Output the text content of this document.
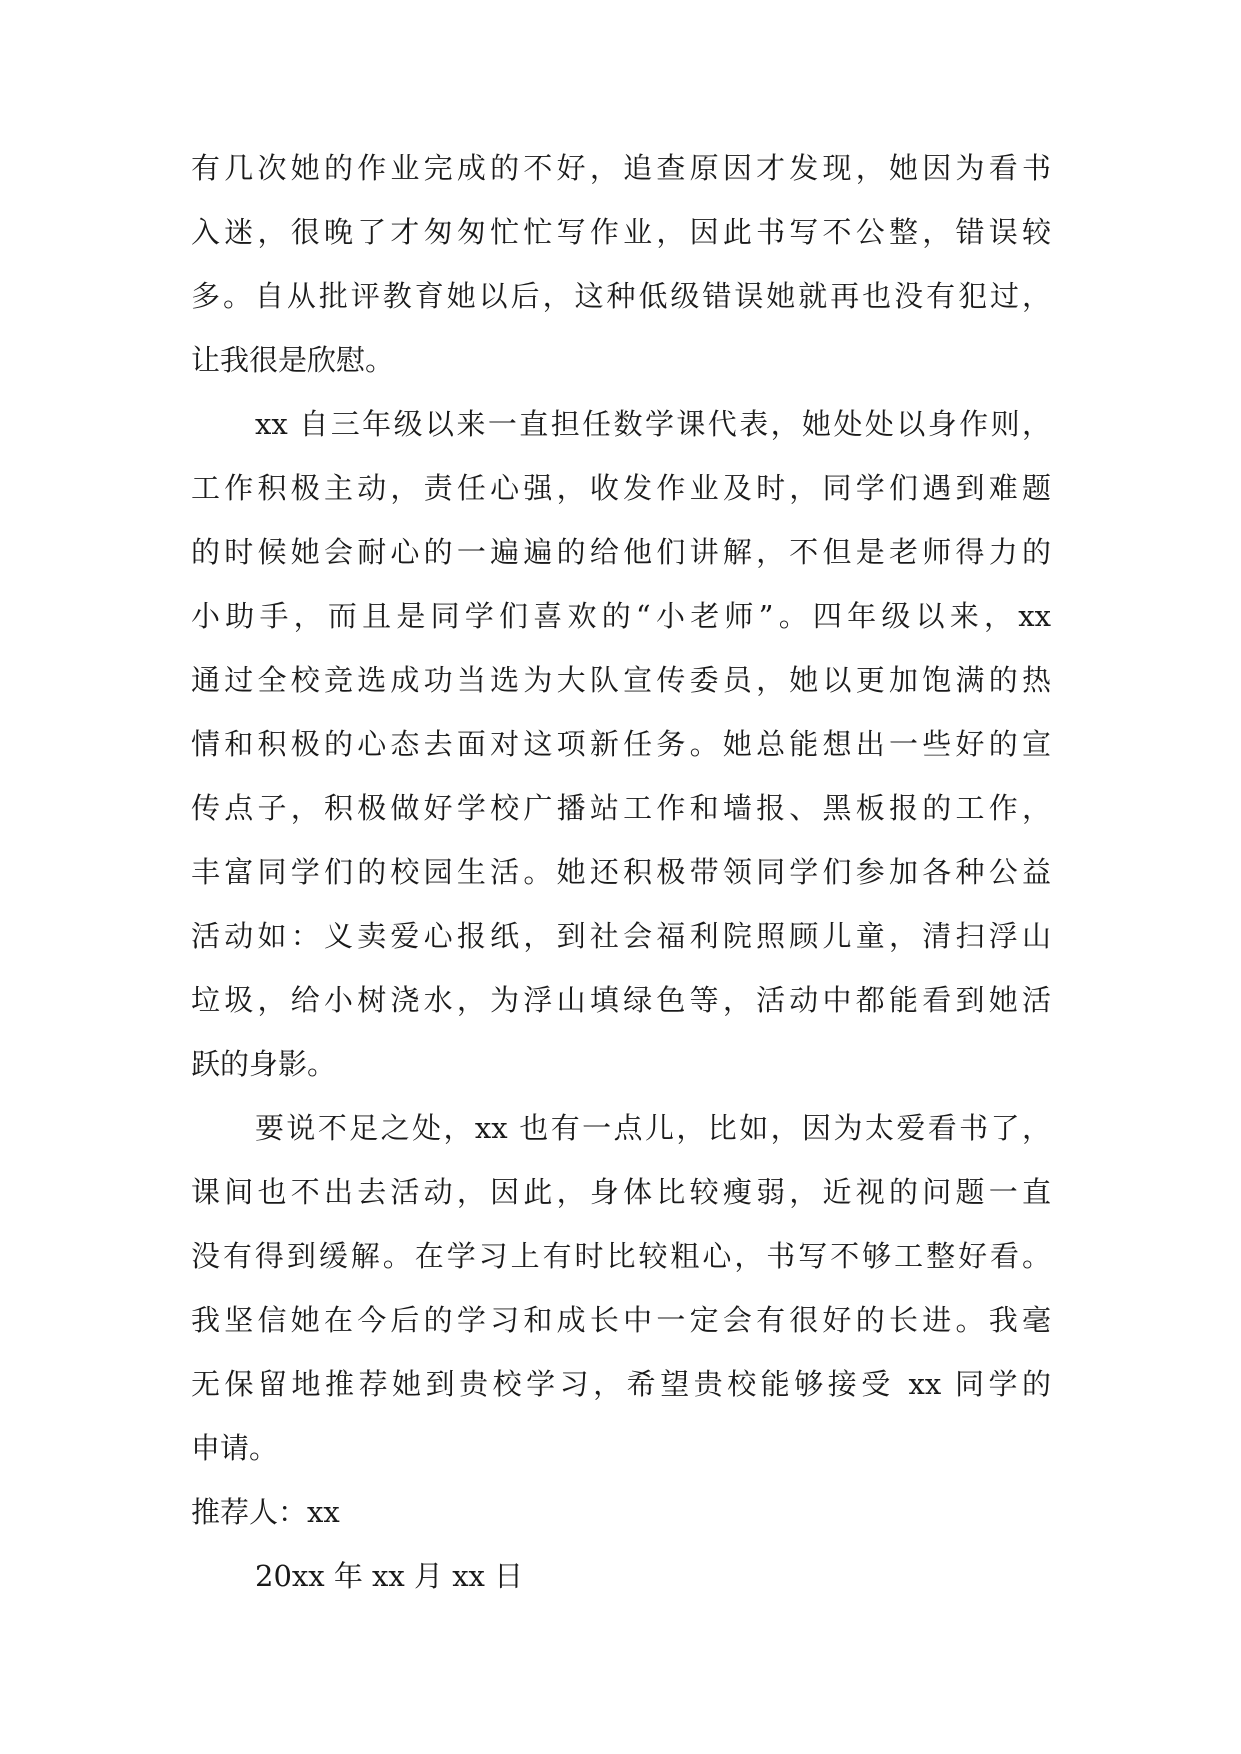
有几次她的作业完成的不好，追查原因才发现，她因为看书
入迷，很晚了才匆匆忙忙写作业，因此书写不公整，错误较
多。自从批评教育她以后，这种低级错误她就再也没有犯过，
让我很是欣慰。
xx 自三年级以来一直担任数学课代表，她处处以身作则，
工作积极主动，责任心强，收发作业及时，同学们遇到难题
的时候她会耐心的一遍遍的给他们讲解，不但是老师得力的
小助手，而且是同学们喜欢的“小老师”。四年级以来，xx
通过全校竞选成功当选为大队宣传委员，她以更加饱满的热
情和积极的心态去面对这项新任务。她总能想出一些好的宣
传点子，积极做好学校广播站工作和墙报、黑板报的工作，
丰富同学们的校园生活。她还积极带领同学们参加各种公益
活动如：义卖爱心报纸，到社会福利院照顾儿童，清扫浮山
垃圾，给小树浇水，为浮山填绿色等，活动中都能看到她活
跃的身影。
要说不足之处，xx 也有一点儿，比如，因为太爱看书了，
课间也不出去活动，因此，身体比较瘦弱，近视的问题一直
没有得到缓解。在学习上有时比较粗心，书写不够工整好看。
我坚信她在今后的学习和成长中一定会有很好的长进。我毫
无保留地推荐她到贵校学习，希望贵校能够接受 xx 同学的
申请。
推荐人：xx
20xx 年 xx 月 xx 日
